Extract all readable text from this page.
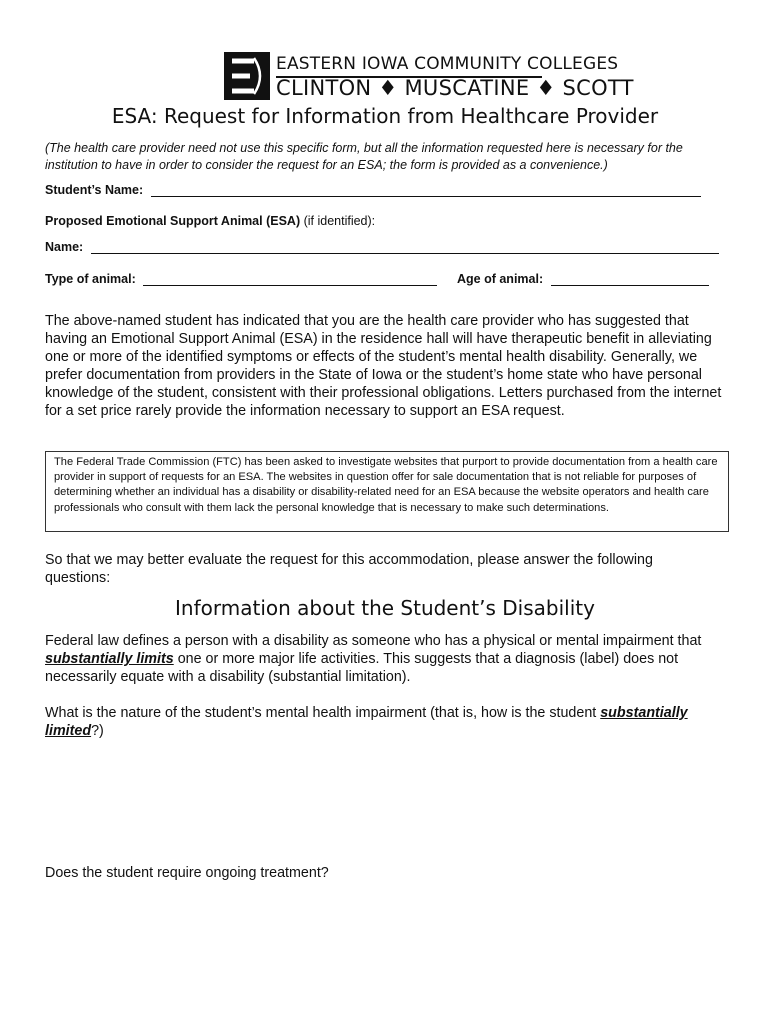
EASTERN IOWA COMMUNITY COLLEGES
CLINTON ♦ MUSCATINE ♦ SCOTT
ESA: Request for Information from Healthcare Provider
(The health care provider need not use this specific form, but all the information requested here is necessary for the institution to have in order to consider the request for an ESA; the form is provided as a convenience.)
Student’s Name:
Proposed Emotional Support Animal (ESA) (if identified):
Name:
Type of animal:	Age of animal:
The above-named student has indicated that you are the health care provider who has suggested that having an Emotional Support Animal (ESA) in the residence hall will have therapeutic benefit in alleviating one or more of the identified symptoms or effects of the student’s mental health disability. Generally, we prefer documentation from providers in the State of Iowa or the student’s home state who have personal knowledge of the student, consistent with their professional obligations. Letters purchased from the internet for a set price rarely provide the information necessary to support an ESA request.
The Federal Trade Commission (FTC) has been asked to investigate websites that purport to provide documentation from a health care provider in support of requests for an ESA. The websites in question offer for sale documentation that is not reliable for purposes of determining whether an individual has a disability or disability-related need for an ESA because the website operators and health care professionals who consult with them lack the personal knowledge that is necessary to make such determinations.
So that we may better evaluate the request for this accommodation, please answer the following questions:
Information about the Student’s Disability
Federal law defines a person with a disability as someone who has a physical or mental impairment that substantially limits one or more major life activities. This suggests that a diagnosis (label) does not necessarily equate with a disability (substantial limitation).
What is the nature of the student’s mental health impairment (that is, how is the student substantially limited?)
Does the student require ongoing treatment?
